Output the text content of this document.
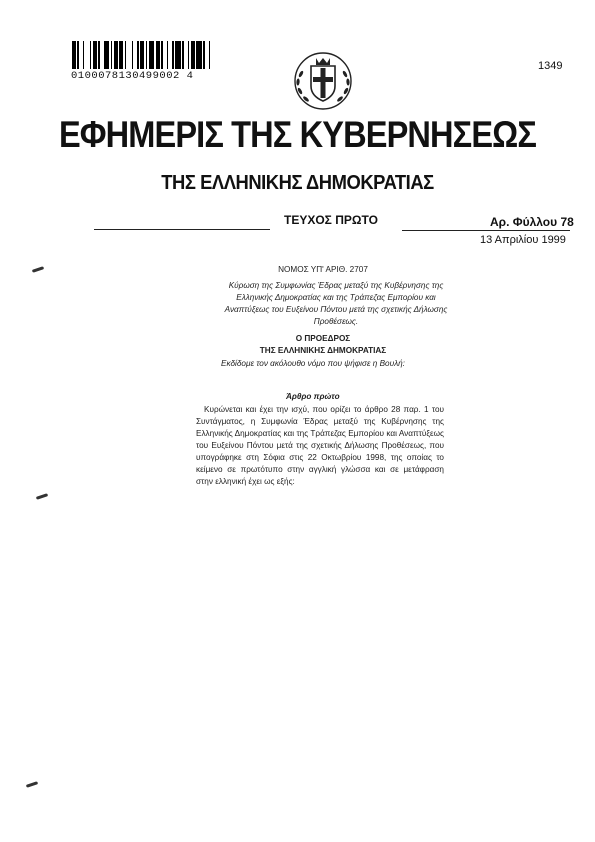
0100078130499002 4
1349
ΕΦΗΜΕΡΙΣ ΤΗΣ ΚΥΒΕΡΝΗΣΕΩΣ
ΤΗΣ ΕΛΛΗΝΙΚΗΣ ΔΗΜΟΚΡΑΤΙΑΣ
ΤΕΥΧΟΣ ΠΡΩΤΟ	Αρ. Φύλλου 78
13 Απριλίου 1999
ΝΟΜΟΣ ΥΠ' ΑΡΙΘ. 2707
Κύρωση της Συμφωνίας Έδρας μεταξύ της Κυβέρνησης της Ελληνικής Δημοκρατίας και της Τράπεζας Εμπορίου και Αναπτύξεως του Ευξείνου Πόντου μετά της σχετικής Δήλωσης Προθέσεως.
Ο ΠΡΟΕΔΡΟΣ
ΤΗΣ ΕΛΛΗΝΙΚΗΣ ΔΗΜΟΚΡΑΤΙΑΣ
Εκδίδομε τον ακόλουθο νόμο που ψήφισε η Βουλή:
Άρθρο πρώτο
Κυρώνεται και έχει την ισχύ, που ορίζει το άρθρο 28 παρ. 1 του Συντάγματος, η Συμφωνία Έδρας μεταξύ της Κυβέρνησης της Ελληνικής Δημοκρατίας και της Τράπεζας Εμπορίου και Αναπτύξεως του Ευξείνου Πόντου μετά της σχετικής Δήλωσης Προθέσεως, που υπογράφηκε στη Σόφια στις 22 Οκτωβρίου 1998, της οποίας το κείμενο σε πρωτότυπο στην αγγλική γλώσσα και σε μετάφραση στην ελληνική έχει ως εξής:
